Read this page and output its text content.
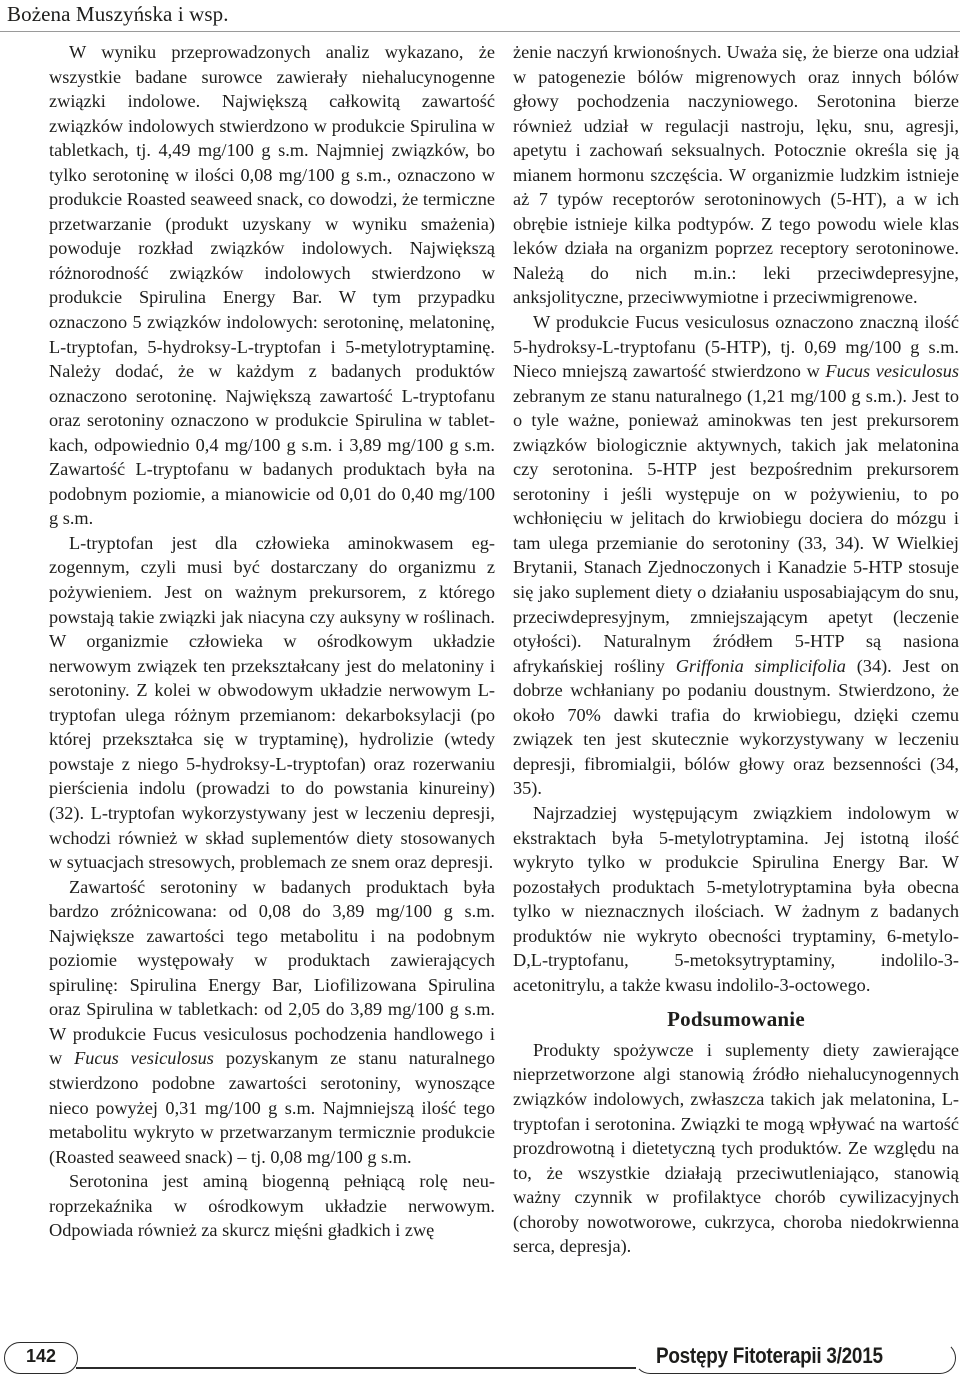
Bożena Muszyńska i wsp.

W wyniku przeprowadzonych analiz wykazano, że wszystkie badane surowce zawierały niehalucynogenne związki indolowe. Największą całkowitą zawartość związków indolowych stwierdzono w produkcie Spirulina w tabletkach, tj. 4,49 mg/100 g s.m. Najmniej związków, bo tylko serotoninę w ilości 0,08 mg/100 g s.m., oznaczono w produkcie Roasted seaweed snack, co dowodzi, że termiczne przetwarzanie (produkt uzyskany w wyniku smażenia) powoduje rozkład związków indolowych. Największą różnorodność związków indolowych stwierdzono w produkcie Spirulina Energy Bar. W tym przypadku oznaczono 5 związków indolowych: serotoninę, melatoninę, L-tryptofan, 5-hydroksy-L-tryptofan i 5-metylotryptaminę. Należy dodać, że w każdym z badanych produktów oznaczono serotoninę. Największą zawartość L-tryptofanu oraz serotoniny oznaczono w produkcie Spirulina w tabletkach, odpowiednio 0,4 mg/100 g s.m. i 3,89 mg/100 g s.m. Zawartość L-tryptofanu w badanych produktach była na podobnym poziomie, a mianowicie od 0,01 do 0,40 mg/100 g s.m.

L-tryptofan jest dla człowieka aminokwasem egzogennym, czyli musi być dostarczany do organizmu z pożywieniem. Jest on ważnym prekursorem, z którego powstają takie związki jak niacyna czy auksyny w roślinach. W organizmie człowieka w ośrodkowym układzie nerwowym związek ten przekształcany jest do melatoniny i serotoniny. Z kolei w obwodowym układzie nerwowym L-tryptofan ulega różnym przemianom: dekarboksylacji (po której przekształca się w tryptaminę), hydrolizie (wtedy powstaje z niego 5-hydroksy-L-tryptofan) oraz rozerwaniu pierścienia indolu (prowadzi to do powstania kinureiny) (32). L-tryptofan wykorzystywany jest w leczeniu depresji, wchodzi również w skład suplementów diety stosowanych w sytuacjach stresowych, problemach ze snem oraz depresji.

Zawartość serotoniny w badanych produktach była bardzo zróżnicowana: od 0,08 do 3,89 mg/100 g s.m. Największe zawartości tego metabolitu i na podobnym poziomie występowały w produktach zawierających spirulinę: Spirulina Energy Bar, Liofilizowana Spirulina oraz Spirulina w tabletkach: od 2,05 do 3,89 mg/100 g s.m. W produkcie Fucus vesiculosus pochodzenia handlowego i w Fucus vesiculosus pozyskanym ze stanu naturalnego stwierdzono podobne zawartości serotoniny, wynoszące nieco powyżej 0,31 mg/100 g s.m. Najmniejszą ilość tego metabolitu wykryto w przetwarzanym termicznie produkcie (Roasted seaweed snack) – tj. 0,08 mg/100 g s.m.

Serotonina jest aminą biogenną pełniącą rolę neuroprzekaźnika w ośrodkowym układzie nerwowym. Odpowiada również za skurcz mięśni gładkich i zwę

żenie naczyń krwionośnych. Uważa się, że bierze ona udział w patogenezie bólów migrenowych oraz innych bólów głowy pochodzenia naczyniowego. Serotonina bierze również udział w regulacji nastroju, lęku, snu, agresji, apetytu i zachowań seksualnych. Potocznie określa się ją mianem hormonu szczęścia. W organizmie ludzkim istnieje aż 7 typów receptorów serotoninowych (5-HT), a w ich obrębie istnieje kilka podtypów. Z tego powodu wiele klas leków działa na organizm poprzez receptory serotoninowe. Należą do nich m.in.: leki przeciwdepresyjne, anksjolityczne, przeciwwymiotne i przeciwmigrenowe.

W produkcie Fucus vesiculosus oznaczono znaczną ilość 5-hydroksy-L-tryptofanu (5-HTP), tj. 0,69 mg/100 g s.m. Nieco mniejszą zawartość stwierdzono w Fucus vesiculosus zebranym ze stanu naturalnego (1,21 mg/100 g s.m.). Jest to o tyle ważne, ponieważ aminokwas ten jest prekursorem związków biologicznie aktywnych, takich jak melatonina czy serotonina. 5-HTP jest bezpośrednim prekursorem serotoniny i jeśli występuje on w pożywieniu, to po wchłonięciu w jelitach do krwiobiegu dociera do mózgu i tam ulega przemianie do serotoniny (33, 34). W Wielkiej Brytanii, Stanach Zjednoczonych i Kanadzie 5-HTP stosuje się jako suplement diety o działaniu usposabiającym do snu, przeciwdepresyjnym, zmniejszającym apetyt (leczenie otyłości). Naturalnym źródłem 5-HTP są nasiona afrykańskiej rośliny Griffonia simplicifolia (34). Jest on dobrze wchłaniany po podaniu doustnym. Stwierdzono, że około 70% dawki trafia do krwiobiegu, dzięki czemu związek ten jest skutecznie wykorzystywany w leczeniu depresji, fibromialgii, bólów głowy oraz bezsenności (34, 35).

Najrzadziej występującym związkiem indolowym w ekstraktach była 5-metylotryptamina. Jej istotną ilość wykryto tylko w produkcie Spirulina Energy Bar. W pozostałych produktach 5-metylotryptamina była obecna tylko w nieznacznych ilościach. W żadnym z badanych produktów nie wykryto obecności tryptaminy, 6-metylo-D,L-tryptofanu, 5-metoksytryptaminy, indolilo-3-acetonitrylu, a także kwasu indolilo-3-octowego.

Podsumowanie

Produkty spożywcze i suplementy diety zawierające nieprzetworzone algi stanowią źródło niehalucynogennych związków indolowych, zwłaszcza takich jak melatonina, L-tryptofan i serotonina. Związki te mogą wpływać na wartość prozdrowotną i dietetyczną tych produktów. Ze względu na to, że wszystkie działają przeciwutleniająco, stanowią ważny czynnik w profilaktyce chorób cywilizacyjnych (choroby nowotworowe, cukrzyca, choroba niedokrwienna serca, depresja).

142	Postępy Fitoterapii 3/2015
